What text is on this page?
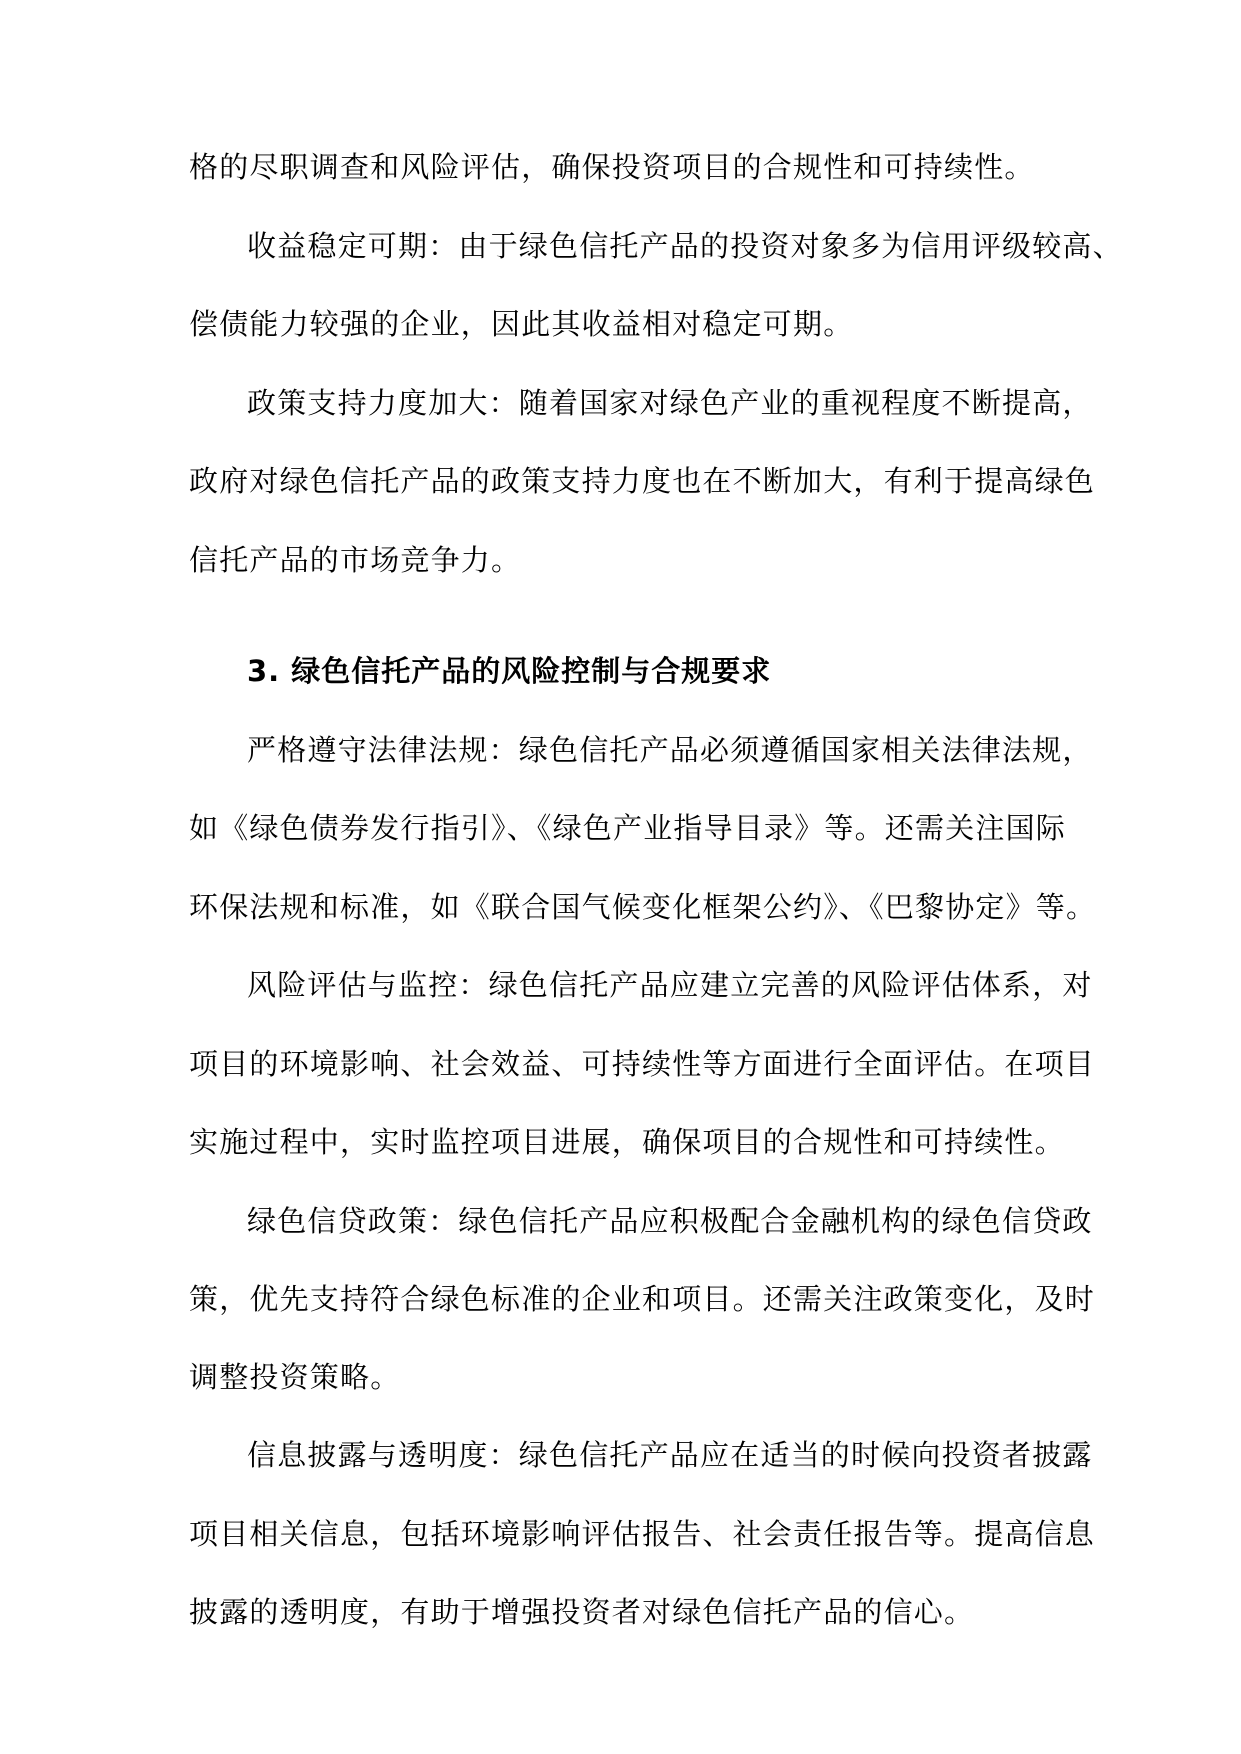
格的尽职调查和风险评估，确保投资项目的合规性和可持续性。
收益稳定可期：由于绿色信托产品的投资对象多为信用评级较高、
偿债能力较强的企业，因此其收益相对稳定可期。
政策支持力度加大：随着国家对绿色产业的重视程度不断提高，
政府对绿色信托产品的政策支持力度也在不断加大，有利于提高绿色
信托产品的市场竞争力。
3. 绿色信托产品的风险控制与合规要求
严格遵守法律法规：绿色信托产品必须遵循国家相关法律法规，
如《绿色债券发行指引》、《绿色产业指导目录》等。还需关注国际
环保法规和标准，如《联合国气候变化框架公约》、《巴黎协定》等。
风险评估与监控：绿色信托产品应建立完善的风险评估体系，对
项目的环境影响、社会效益、可持续性等方面进行全面评估。在项目
实施过程中，实时监控项目进展，确保项目的合规性和可持续性。
绿色信贷政策：绿色信托产品应积极配合金融机构的绿色信贷政
策，优先支持符合绿色标准的企业和项目。还需关注政策变化，及时
调整投资策略。
信息披露与透明度：绿色信托产品应在适当的时候向投资者披露
项目相关信息，包括环境影响评估报告、社会责任报告等。提高信息
披露的透明度，有助于增强投资者对绿色信托产品的信心。
